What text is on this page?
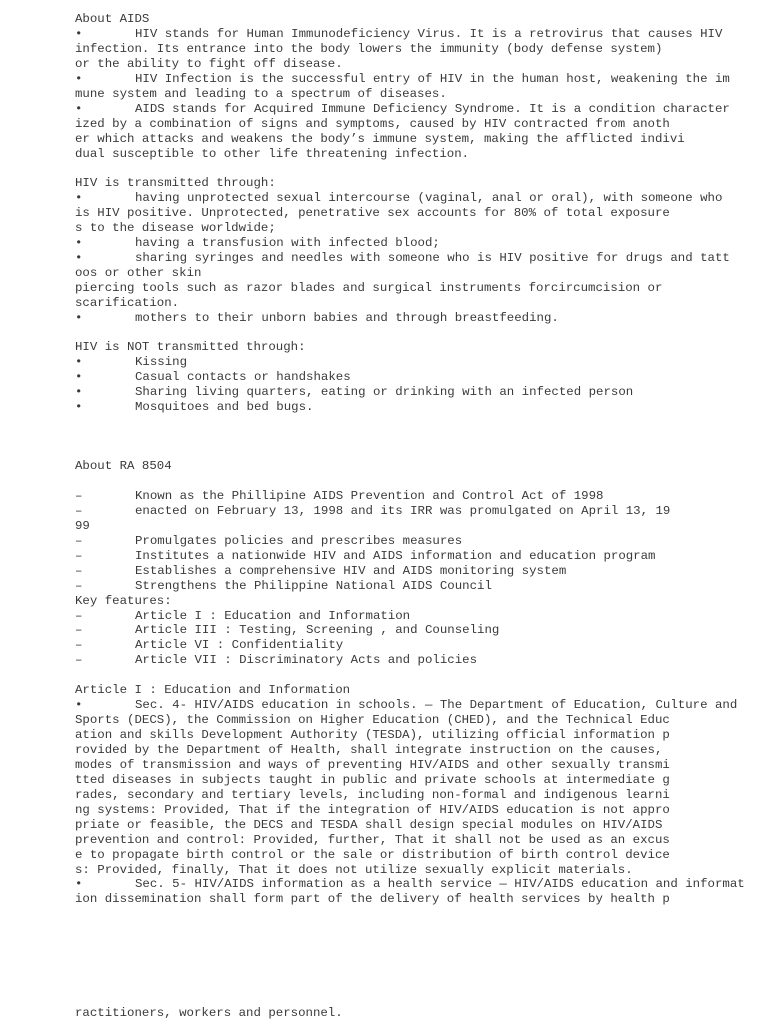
About AIDS
•	HIV stands for Human Immunodeficiency Virus. It is a retrovirus that causes HIV
infection. Its entrance into the body lowers the immunity (body defense system)
or the ability to fight off disease.
•	HIV Infection is the successful entry of HIV in the human host, weakening the im
mune system and leading to a spectrum of diseases.
•	AIDS stands for Acquired Immune Deficiency Syndrome. It is a condition character
ized by a combination of signs and symptoms, caused by HIV contracted from anoth
er which attacks and weakens the body’s immune system, making the afflicted indivi
dual susceptible to other life threatening infection.
HIV is transmitted through:
•	having unprotected sexual intercourse (vaginal, anal or oral), with someone who
is HIV positive. Unprotected, penetrative sex accounts for 80% of total exposure
s to the disease worldwide;
•	having a transfusion with infected blood;
•	sharing syringes and needles with someone who is HIV positive for drugs and tatt
oos or other skin
piercing tools such as razor blades and surgical instruments forcircumcision or
scarification.
•	mothers to their unborn babies and through breastfeeding.
HIV is NOT transmitted through:
•	Kissing
•	Casual contacts or handshakes
•	Sharing living quarters, eating or drinking with an infected person
•	Mosquitoes and bed bugs.
About RA 8504
–	Known as the Phillipine AIDS Prevention and Control Act of 1998
–	enacted on February 13, 1998 and its IRR was promulgated on April 13, 19
99
–	Promulgates policies and prescribes measures
–	Institutes a nationwide HIV and AIDS information and education program
–	Establishes a comprehensive HIV and AIDS monitoring system
–	Strengthens the Philippine National AIDS Council
Key features:
–	Article I : Education and Information
–	Article III : Testing, Screening , and Counseling
–	Article VI : Confidentiality
–	Article VII : Discriminatory Acts and policies
Article I : Education and Information
•	Sec. 4- HIV/AIDS education in schools. — The Department of Education, Culture and
Sports (DECS), the Commission on Higher Education (CHED), and the Technical Educ
ation and skills Development Authority (TESDA), utilizing official information p
rovided by the Department of Health, shall integrate instruction on the causes,
modes of transmission and ways of preventing HIV/AIDS and other sexually transmi
tted diseases in subjects taught in public and private schools at intermediate g
rades, secondary and tertiary levels, including non-formal and indigenous learni
ng systems: Provided, That if the integration of HIV/AIDS education is not appro
priate or feasible, the DECS and TESDA shall design special modules on HIV/AIDS
prevention and control: Provided, further, That it shall not be used as an excus
e to propagate birth control or the sale or distribution of birth control device
s: Provided, finally, That it does not utilize sexually explicit materials.
•	Sec. 5- HIV/AIDS information as a health service — HIV/AIDS education and informat
ion dissemination shall form part of the delivery of health services by health p
ractitioners, workers and personnel.
